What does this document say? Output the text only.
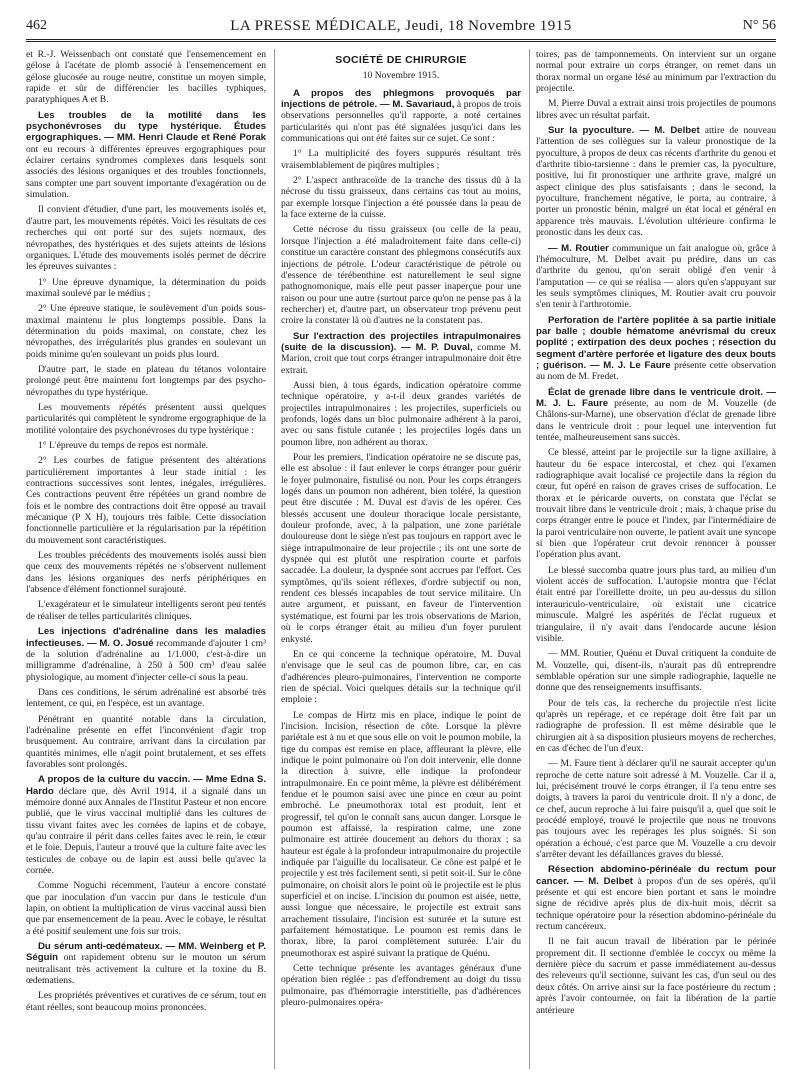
462	LA PRESSE MÉDICALE, Jeudi, 18 Novembre 1915	N° 56

et R.-J. Weissenbach ont constaté que l'ensemencement en gélose à l'acétate de plomb associé à l'ensemencement en gélose glucosée au rouge neutre, constitue un moyen simple, rapide et sûr de différencier les bacilles typhiques, paratyphiques A et B.

Les troubles de la motilité dans les psychonévroses du type hystérique. Études ergographiques. — MM. Henri Claude et René Porak ont eu recours à différentes épreuves ergographiques pour éclairer certains syndromes complexes dans lesquels sont associés des lésions organiques et des troubles fonctionnels, sans compter une part souvent importante d'exagération ou de simulation.

Il convient d'étudier, d'une part, les mouvements isolés et, d'autre part, les mouvements répétés. Voici les résultats de ces recherches qui ont porté sur des sujets normaux, des névropathes, des hystériques et des sujets atteints de lésions organiques. L'étude des mouvements isolés permet de décrire les épreuves suivantes :

1° Une épreuve dynamique, la détermination du poids maximal soulevé par le médius ;

2° Une épreuve statique, le soulèvement d'un poids sous-maximal maintenu le plus longtemps possible. Dans la détermination du poids maximal, on constate, chez les névropathes, des irrégularités plus grandes en soulevant un poids minime qu'en soulevant un poids plus lourd.

D'autre part, le stade en plateau du tétanos volontaire prolongé peut être maintenu fort longtemps par des psycho-névropathes du type hystérique.

Les mouvements répétés présentent aussi quelques particularités qui complètent le syndrome ergographique de la motilité volontaire des psychonévroses du type hystérique :

1° L'épreuve du temps de repos est normale.

2° Les courbes de fatigue présentent des altérations particulièrement importantes à leur stade initial : les contractions successives sont lentes, inégales, irrégulières. Ces contractions peuvent être répétées un grand nombre de fois et le nombre des contractions doit être opposé au travail mécanique (P X H), toujours très faible. Cette dissociation fonctionnelle particulière et la régularisation par la répétition du mouvement sont caractéristiques.

Les troubles précédents des mouvements isolés aussi bien que ceux des mouvements répétés ne s'observent nullement dans les lésions organiques des nerfs périphériques en l'absence d'élément fonctionnel surajouté.

L'exagérateur et le simulateur intelligents seront peu tentés de réaliser de telles particularités cliniques.

Les injections d'adrénaline dans les maladies infectieuses. — M. O. Josué recommande d'ajouter 1 cm³ de la solution d'adrénaline au 1/1.000, c'est-à-dire un milligramme d'adrénaline, à 250 à 500 cm³ d'eau salée physiologique, au moment d'injecter celle-ci sous la peau.

Dans ces conditions, le sérum adrénaliné est absorbé très lentement, ce qui, en l'espèce, est un avantage.

Pénétrant en quantité notable dans la circulation, l'adrénaline présente en effet l'inconvénient d'agir trop brusquement. Au contraire, arrivant dans la circulation par quantités minimes, elle n'agit point brutalement, et ses effets favorables sont prolongés.

A propos de la culture du vaccin. — Mme Edna S. Hardo déclare que, dès Avril 1914, il a signalé dans un mémoire donné aux Annales de l'Institut Pasteur et non encore publié, que le virus vaccinal multiplié dans les cultures de tissu vivant faites avec les cornées de lapins et de cobaye, qu'au contraire il périt dans celles faites avec le rein, le cœur et le foie. Depuis, l'auteur a trouvé que la culture faite avec les testicules de cobaye ou de lapin est aussi belle qu'avec la cornée.

Comme Noguchi récemment, l'auteur a encore constaté que par inoculation d'un vaccin pur dans le testicule d'un lapin, on obtient la multiplication de virus vaccinal aussi bien que par ensemencement de la peau. Avec le cobaye, le résultat a été positif seulement une fois sur trois.

Du sérum anti-œdémateux. — MM. Weinberg et P. Séguin ont rapidement obtenu sur le mouton un sérum neutralisant très activement la culture et la toxine du B. œdematiens.

Les propriétés préventives et curatives de ce sérum, tout en étant réelles, sont beaucoup moins prononcées.

SOCIÉTÉ DE CHIRURGIE
10 Novembre 1915.

A propos des phlegmons provoqués par injections de pétrole. — M. Savariaud, à propos de trois observations personnelles qu'il rapporte, a noté certaines particularités qui n'ont pas été signalées jusqu'ici dans les communications qui ont été faites sur ce sujet. Ce sont :

1° La multiplicité des foyers suppurés résultant très vraisemblablement de piqûres multiples ;

2° L'aspect anthracoïde de la tranche des tissus dû à la nécrose du tissu graisseux, dans certains cas tout au moins, par exemple lorsque l'injection a été poussée dans la peau de la face externe de la cuisse.

Cette nécrose du tissu graisseux (ou celle de la peau, lorsque l'injection a été maladroitement faite dans celle-ci) constitue un caractère constant des phlegmons consécutifs aux injections de pétrole. L'odeur caractéristique de pétrole ou d'essence de térébenthine est naturellement le seul signe pathognomonique, mais elle peut passer inaperçue pour une raison ou pour une autre (surtout parce qu'on ne pense pas à la rechercher) et, d'autre part, un observateur trop prévenu peut croire la constater là où d'autres ne la constatent pas.

Sur l'extraction des projectiles intrapulmonaires (suite de la discussion). — M. P. Duval, comme M. Marion, croit que tout corps étranger intrapulmonaire doit être extrait.

Aussi bien, à tous égards, indication opératoire comme technique opératoire, y a-t-il deux grandes variétés de projectiles intrapulmonaires : les projectiles, superficiels ou profonds, logés dans un bloc pulmonaire adhérent à la paroi, avec ou sans fistule cutanée ; les projectiles logés dans un poumon libre, non adhérent au thorax.

Pour les premiers, l'indication opératoire ne se discute pas, elle est absolue : il faut enlever le corps étranger pour guérir le foyer pulmonaire, fistulisé ou non. Pour les corps étrangers logés dans un poumon non adhérent, bien toléré, la question peut être discutée : M. Duval est d'avis de les opérer. Ces blessés accusent une douleur thoracique locale persistante, douleur profonde, avec, à la palpation, une zone pariétale douloureuse dont le siège n'est pas toujours en rapport avec le siège intrapulmonaire de leur projectile ; ils ont une sorte de dyspnée qui est plutôt une respiration courte et parfois saccadée. La douleur, la dyspnée sont accrues par l'effort. Ces symptômes, qu'ils soient réflexes, d'ordre subjectif ou non, rendent ces blessés incapables de tout service militaire. Un autre argument, et puissant, en faveur de l'intervention systématique, est fourni par les trois observations de Marion, où le corps étranger était au milieu d'un foyer purulent enkysté.

En ce qui concerne la technique opératoire, M. Duval n'envisage que le seul cas de poumon libre, car, en cas d'adhérences pleuro-pulmonaires, l'intervention ne comporte rien de spécial. Voici quelques détails sur la technique qu'il emploie :

Le compas de Hirtz mis en place, indique le point de l'incision. Incision, résection de côte. Lorsque la plèvre pariétale est à nu et que sous elle on voit le poumon mobile, la tige du compas est remise en place, affleurant la plèvre, elle indique le point pulmonaire où l'on doit intervenir, elle donne la direction à suivre, elle indique la profondeur intrapulmonaire. En ce point même, la plèvre est délibérément fendue et le poumon saisi avec une pince en cœur au point embroché. Le pneumothorax total est produit, lent et progressif, tel qu'on le connaît sans aucun danger. Lorsque le poumon est affaissé, la respiration calme, une zone pulmonaire est attirée doucement au dehors du thorax ; sa hauteur est égale à la profondeur intrapulmonaire du projectile indiquée par l'aiguille du localisateur. Ce cône est palpé et le projectile y est très facilement senti, si petit soit-il. Sur le cône pulmonaire, on choisit alors le point où le projectile est le plus superficiel et on incise. L'incision du poumon est aisée, nette, aussi longue que nécessaire, le projectile est extrait sans arrachement tissulaire, l'incision est suturée et la suture est parfaitement hémostatique. Le poumon est remis dans le thorax, libre, la paroi complètement suturée. L'air du pneumothorax est aspiré suivant la pratique de Quénu.

Cette technique présente les avantages généraux d'une opération bien réglée : pas d'effondrement au doigt du tissu pulmonaire, pas d'hémorragie interstitielle, pas d'adhérences pleuro-pulmonaires opéra-

toires, pas de tamponnements. On intervient sur un organe normal pour extraire un corps étranger, on remet dans un thorax normal un organe lésé au minimum par l'extraction du projectile.

M. Pierre Duval a extrait ainsi trois projectiles de poumons libres avec un résultat parfait.

Sur la pyoculture. — M. Delbet attire de nouveau l'attention de ses collègues sur la valeur pronostique de la pyoculture, à propos de deux cas récents d'arthrite du genou et d'arthrite tibio-tarsienne : dans le premier cas, la pyoculture, positive, lui fit pronostiquer une arthrite grave, malgré un aspect clinique des plus satisfaisants ; dans le second, la pyoculture, franchement négative, le porta, au contraire, à porter un pronostic bénin, malgré un état local et général en apparence très mauvais. L'évolution ultérieure confirma le pronostic dans les deux cas.

— M. Routier communique un fait analogue où, grâce à l'hémoculture, M. Delbet avait pu prédire, dans un cas d'arthrite du genou, qu'on serait obligé d'en venir à l'amputation — ce qui se réalisa — alors qu'en s'appuyant sur les seuls symptômes cliniques, M. Routier avait cru pouvoir s'en tenir à l'arthrotomie.

Perforation de l'artère poplitée à sa partie initiale par balle ; double hématome anévrismal du creux poplité ; extirpation des deux poches ; résection du segment d'artère perforée et ligature des deux bouts ; guérison. — M. J. Le Faure présente cette observation au nom de M. Fredet.

Éclat de grenade libre dans le ventricule droit. — M. J. L. Faure présente, au nom de M. Vouzelle (de Châlons-sur-Marne), une observation d'éclat de grenade libre dans le ventricule droit : pour lequel une intervention fut tentée, malheureusement sans succès.

Ce blessé, atteint par le projectile sur la ligne axillaire, à hauteur du 6e espace intercostal, et chez qui l'examen radiographique avait localisé ce projectile dans la région du cœur, fut opéré en raison de graves crises de suffocation. Le thorax et le péricarde ouverts, on constata que l'éclat se trouvait libre dans le ventricule droit ; mais, à chaque prise du corps étranger entre le pouce et l'index, par l'intermédiaire de la paroi ventriculaire non ouverte, le patient avait une syncope si bien que l'opérateur crut devoir renoncer à pousser l'opération plus avant.

Le blessé succomba quatre jours plus tard, au milieu d'un violent accès de suffocation. L'autopsie montra que l'éclat était entré par l'oreillette droite, un peu au-dessus du sillon interauriculo-ventriculaire, où existait une cicatrice minuscule. Malgré les aspérités de l'éclat rugueux et triangulaire, il n'y avait dans l'endocarde aucune lésion visible.

— MM. Routier, Quénu et Duval critiquent la conduite de M. Vouzelle, qui, disent-ils, n'aurait pas dû entreprendre semblable opération sur une simple radiographie, laquelle ne donne que des renseignements insuffisants.

Pour de tels cas, la recherche du projectile n'est licite qu'après un repérage, et ce repérage doit être fait par un radiographe de profession. Il est même désirable que le chirurgien ait à sa disposition plusieurs moyens de recherches, en cas d'échec de l'un d'eux.

— M. Faure tient à déclarer qu'il ne saurait accepter qu'un reproche de cette nature soit adressé à M. Vouzelle. Car il a, lui, précisément trouvé le corps étranger, il l'a tenu entre ses doigts, à travers la paroi du ventricule droit. Il n'y a donc, de ce chef, aucun reproche à lui faire puisqu'il a, quel que soit le procédé employé, trouvé le projectile que nous ne trouvons pas toujours avec les repérages les plus soignés. Si son opération a échoué, c'est parce que M. Vouzelle a cru devoir s'arrêter devant les défaillances graves du blessé.

Résection abdomino-périnéale du rectum pour cancer. — M. Delbet à propos d'un de ses opérés, qu'il présente et qui est encore bien portant et sans le moindre signe de récidive après plus de dix-huit mois, décrit sa technique opératoire pour la résection abdomino-périnéale du rectum cancéreux.

Il ne fait aucun travail de libération par le périnée proprement dit. Il sectionne d'emblée le coccyx ou même la dernière pièce du sacrum et passe immédiatement au-dessus des releveurs qu'il sectionne, suivant les cas, d'un seul ou des deux côtés. On arrive ainsi sur la face postérieure du rectum ; après l'avoir contournée, on fait la libération de la partie antérieure
